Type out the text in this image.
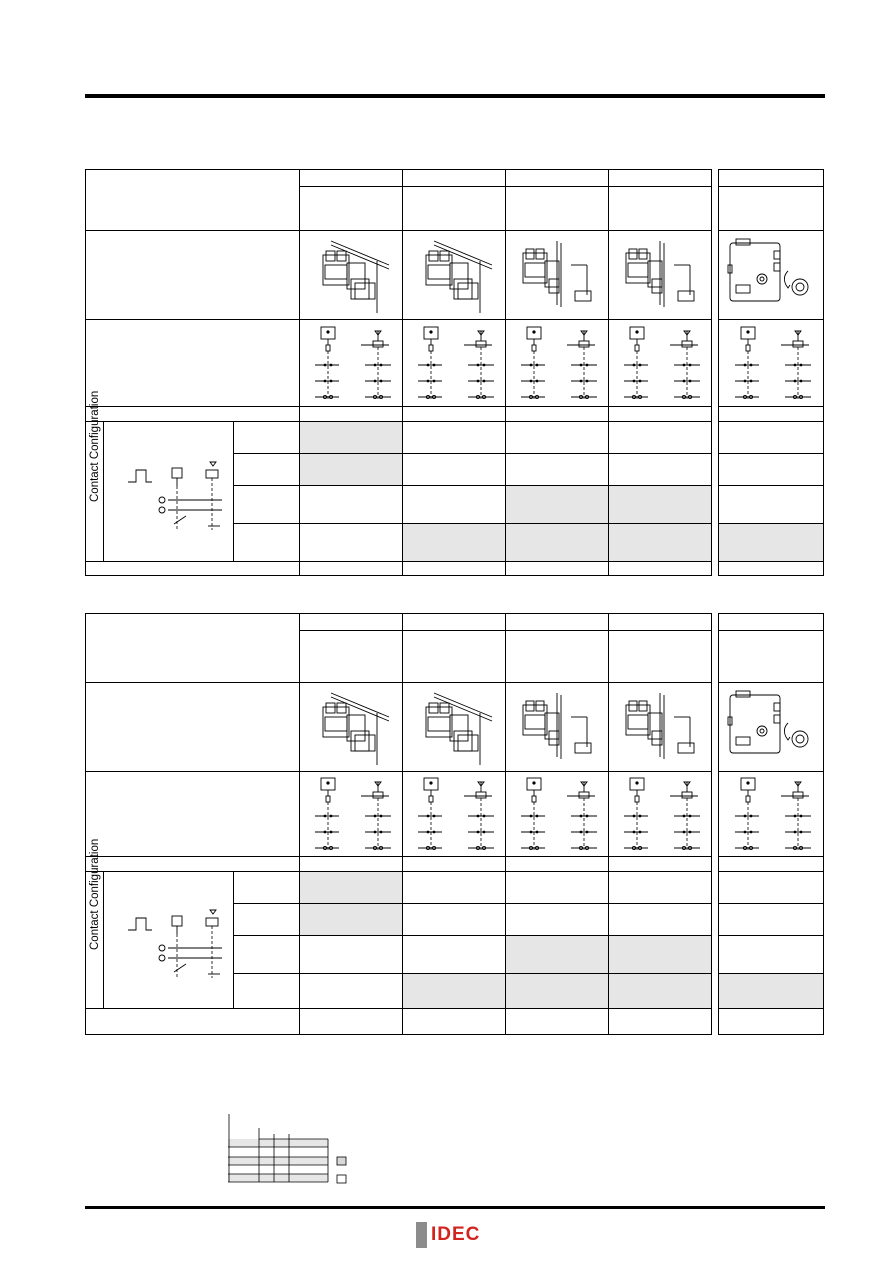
Contact Configuration

Contact Configuration

IDEC
